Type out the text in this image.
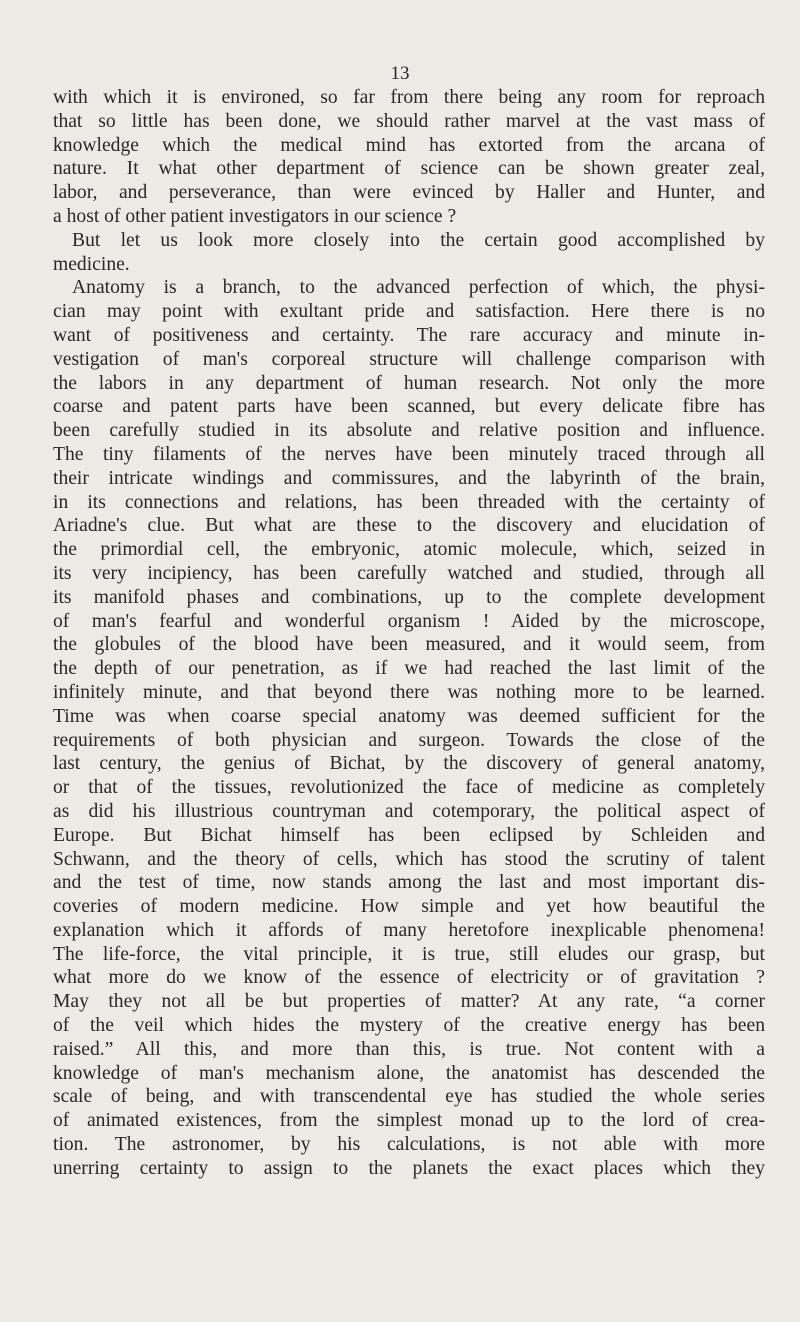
13
with which it is environed, so far from there being any room for reproach
that so little has been done, we should rather marvel at the vast mass of
knowledge which the medical mind has extorted from the arcana of
nature. It what other department of science can be shown greater zeal,
labor, and perseverance, than were evinced by Haller and Hunter, and
a host of other patient investigators in our science ?
But let us look more closely into the certain good accomplished by
medicine.
Anatomy is a branch, to the advanced perfection of which, the physi-
cian may point with exultant pride and satisfaction. Here there is no
want of positiveness and certainty. The rare accuracy and minute in-
vestigation of man's corporeal structure will challenge comparison with
the labors in any department of human research. Not only the more
coarse and patent parts have been scanned, but every delicate fibre has
been carefully studied in its absolute and relative position and influence.
The tiny filaments of the nerves have been minutely traced through all
their intricate windings and commissures, and the labyrinth of the brain,
in its connections and relations, has been threaded with the certainty of
Ariadne's clue. But what are these to the discovery and elucidation of
the primordial cell, the embryonic, atomic molecule, which, seized in
its very incipiency, has been carefully watched and studied, through all
its manifold phases and combinations, up to the complete development
of man's fearful and wonderful organism ! Aided by the microscope,
the globules of the blood have been measured, and it would seem, from
the depth of our penetration, as if we had reached the last limit of the
infinitely minute, and that beyond there was nothing more to be learned.
Time was when coarse special anatomy was deemed sufficient for the
requirements of both physician and surgeon. Towards the close of the
last century, the genius of Bichat, by the discovery of general anatomy,
or that of the tissues, revolutionized the face of medicine as completely
as did his illustrious countryman and cotemporary, the political aspect of
Europe. But Bichat himself has been eclipsed by Schleiden and
Schwann, and the theory of cells, which has stood the scrutiny of talent
and the test of time, now stands among the last and most important dis-
coveries of modern medicine. How simple and yet how beautiful the
explanation which it affords of many heretofore inexplicable phenomena!
The life-force, the vital principle, it is true, still eludes our grasp, but
what more do we know of the essence of electricity or of gravitation ?
May they not all be but properties of matter? At any rate, “a corner
of the veil which hides the mystery of the creative energy has been
raised.” All this, and more than this, is true. Not content with a
knowledge of man's mechanism alone, the anatomist has descended the
scale of being, and with transcendental eye has studied the whole series
of animated existences, from the simplest monad up to the lord of crea-
tion. The astronomer, by his calculations, is not able with more
unerring certainty to assign to the planets the exact places which they
